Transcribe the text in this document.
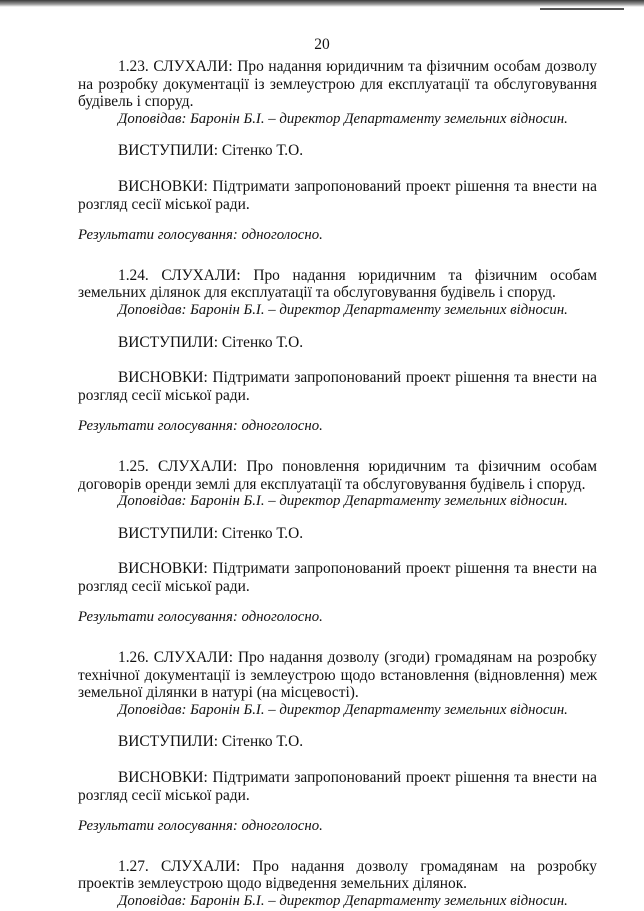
20

1.23. СЛУХАЛИ: Про надання юридичним та фізичним особам дозволу на розробку документації із землеустрою для експлуатації та обслуговування будівель і споруд.

Доповідав: Баронін Б.І. – директор Департаменту земельних відносин.

ВИСТУПИЛИ: Сітенко Т.О.

ВИСНОВКИ: Підтримати запропонований проект рішення та внести на розгляд сесії міської ради.

Результати голосування: одноголосно.

1.24. СЛУХАЛИ: Про надання юридичним та фізичним особам земельних ділянок для експлуатації та обслуговування будівель і споруд.

Доповідав: Баронін Б.І. – директор Департаменту земельних відносин.

ВИСТУПИЛИ: Сітенко Т.О.

ВИСНОВКИ: Підтримати запропонований проект рішення та внести на розгляд сесії міської ради.

Результати голосування: одноголосно.

1.25. СЛУХАЛИ: Про поновлення юридичним та фізичним особам договорів оренди землі для експлуатації та обслуговування будівель і споруд.

Доповідав: Баронін Б.І. – директор Департаменту земельних відносин.

ВИСТУПИЛИ: Сітенко Т.О.

ВИСНОВКИ: Підтримати запропонований проект рішення та внести на розгляд сесії міської ради.

Результати голосування: одноголосно.

1.26. СЛУХАЛИ: Про надання дозволу (згоди) громадянам на розробку технічної документації із землеустрою щодо встановлення (відновлення) меж земельної ділянки в натурі (на місцевості).

Доповідав: Баронін Б.І. – директор Департаменту земельних відносин.

ВИСТУПИЛИ: Сітенко Т.О.

ВИСНОВКИ: Підтримати запропонований проект рішення та внести на розгляд сесії міської ради.

Результати голосування: одноголосно.

1.27. СЛУХАЛИ: Про надання дозволу громадянам на розробку проектів землеустрою щодо відведення земельних ділянок.

Доповідав: Баронін Б.І. – директор Департаменту земельних відносин.
